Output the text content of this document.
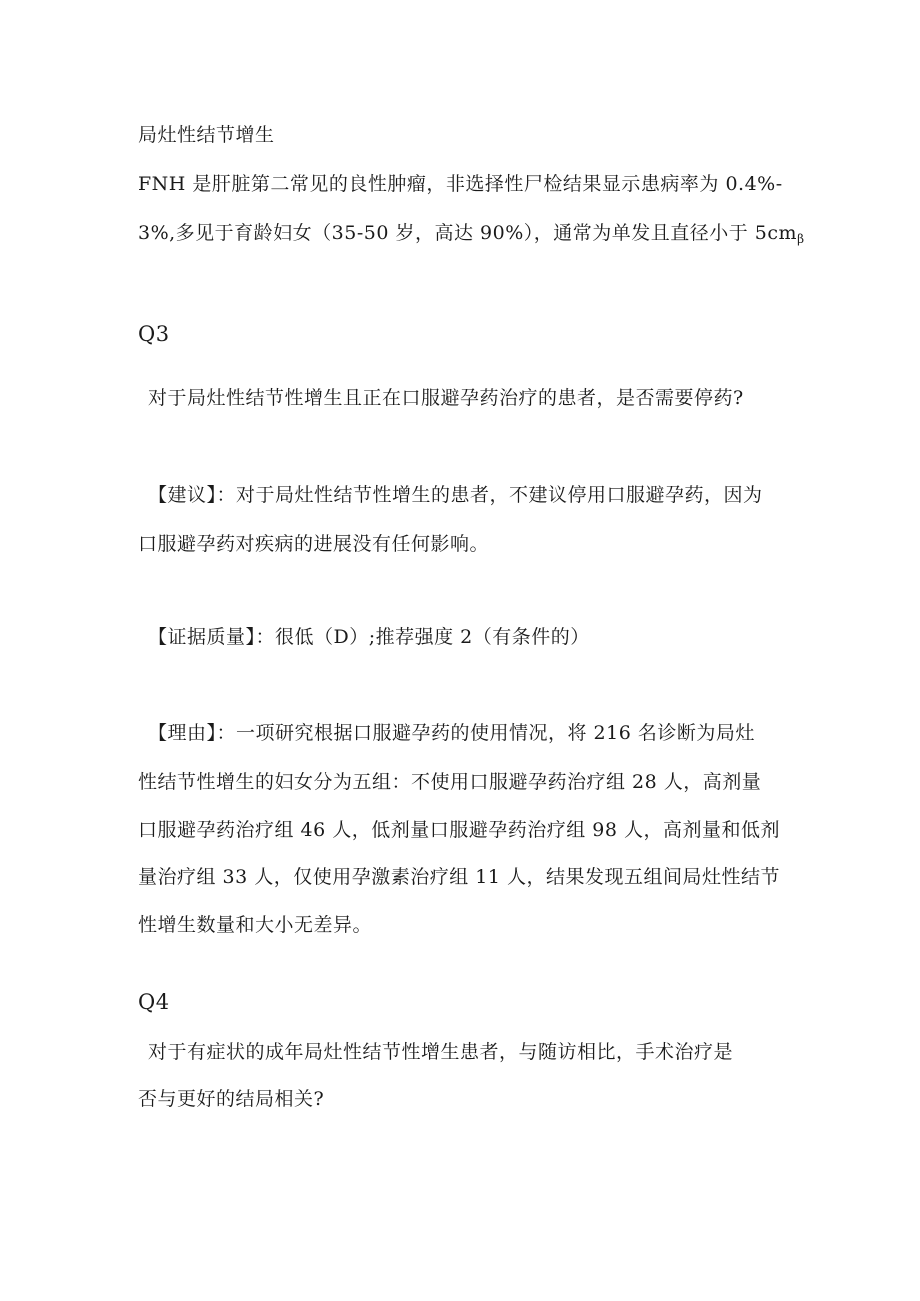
局灶性结节增生
FNH 是肝脏第二常见的良性肿瘤，非选择性尸检结果显示患病率为 0.4%-
3%,多见于育龄妇女（35-50 岁，高达 90%），通常为单发且直径小于 $5cm_\beta$
Q3
对于局灶性结节性增生且正在口服避孕药治疗的患者，是否需要停药?
【建议】：对于局灶性结节性增生的患者，不建议停用口服避孕药，因为
口服避孕药对疾病的进展没有任何影响。
【证据质量】：很低（D）;推荐强度 2（有条件的）
【理由】：一项研究根据口服避孕药的使用情况，将 216 名诊断为局灶
性结节性增生的妇女分为五组：不使用口服避孕药治疗组 28 人，高剂量
口服避孕药治疗组 46 人，低剂量口服避孕药治疗组 98 人，高剂量和低剂
量治疗组 33 人，仅使用孕激素治疗组 11 人，结果发现五组间局灶性结节
性增生数量和大小无差异。
Q4
对于有症状的成年局灶性结节性增生患者，与随访相比，手术治疗是
否与更好的结局相关?
